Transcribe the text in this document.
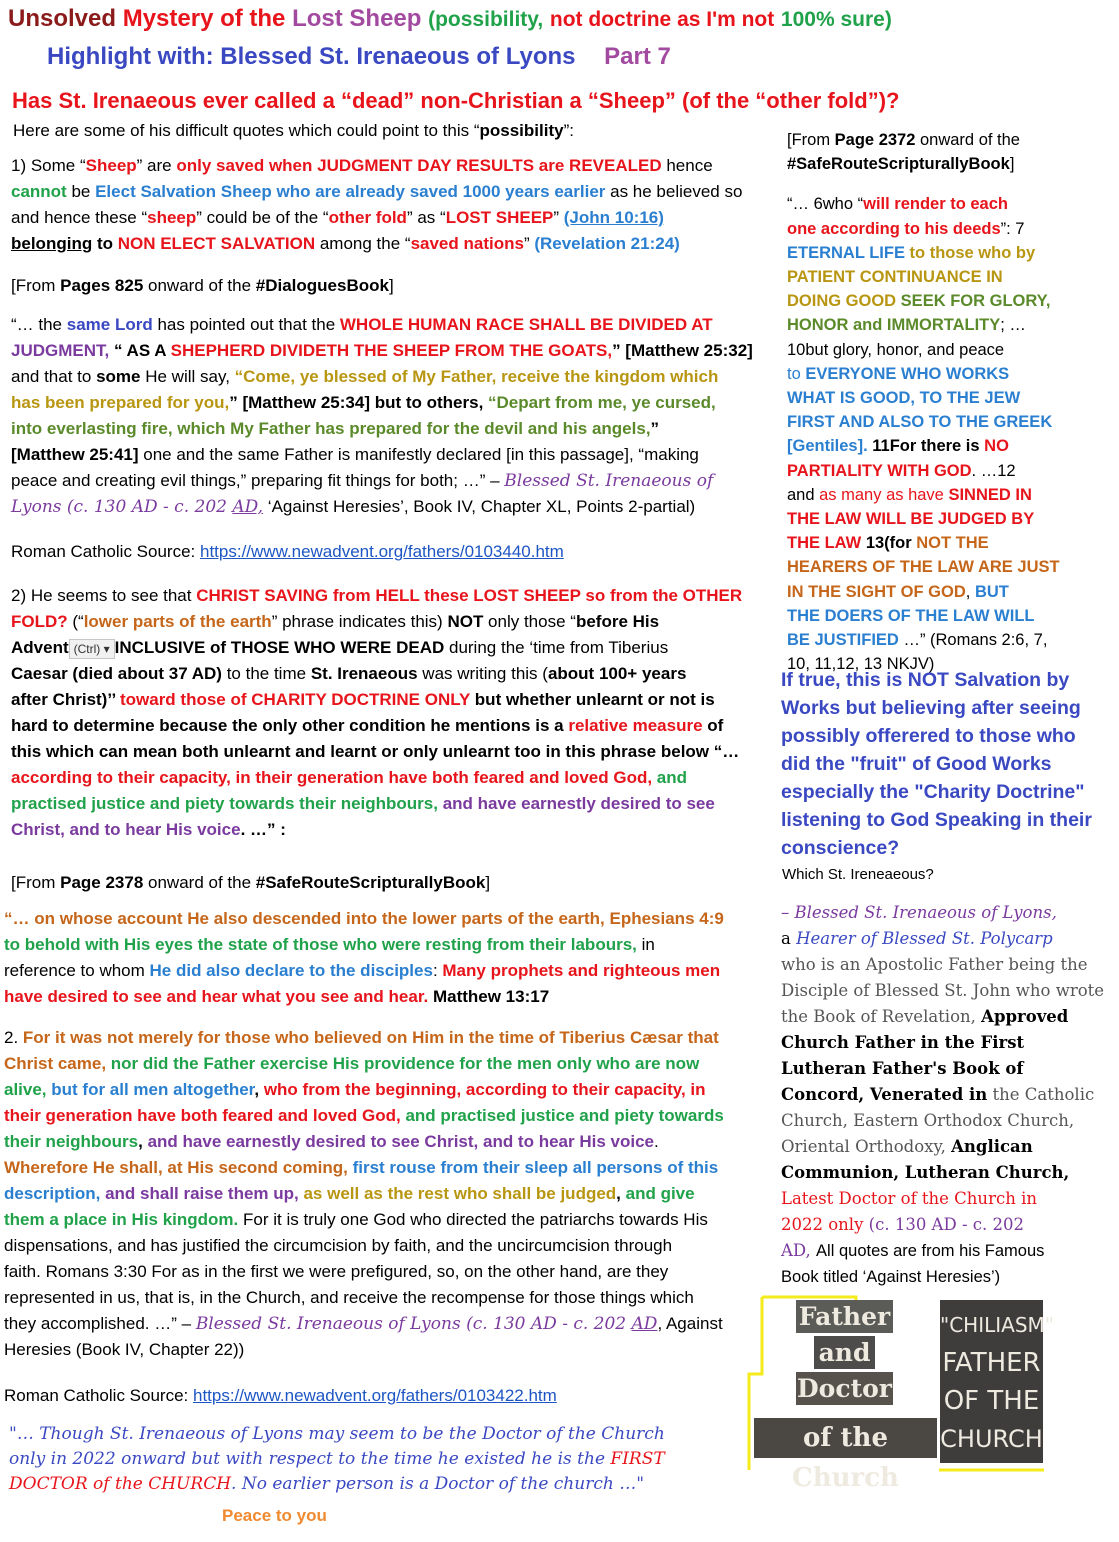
Unsolved Mystery of the Lost Sheep (possibility, not doctrine as I'm not 100% sure)
Highlight with: Blessed St. Irenaeous of Lyons Part 7
Has St. Irenaeous ever called a “dead” non-Christian a “Sheep” (of the “other fold”)?
Here are some of his difficult quotes which could point to this “possibility”:
1) Some “Sheep” are only saved when JUDGMENT DAY RESULTS are REVEALED hence
cannot be Elect Salvation Sheep who are already saved 1000 years earlier as he believed so
and hence these “sheep” could be of the “other fold” as “LOST SHEEP” (John 10:16)
belonging to NON ELECT SALVATION among the “saved nations” (Revelation 21:24)
[From Pages 825 onward of the #DialoguesBook]
“… the same Lord has pointed out that the WHOLE HUMAN RACE SHALL BE DIVIDED AT
JUDGMENT, “ AS A SHEPHERD DIVIDETH THE SHEEP FROM THE GOATS,” [Matthew 25:32]
and that to some He will say, “Come, ye blessed of My Father, receive the kingdom which
has been prepared for you,” [Matthew 25:34] but to others, “Depart from me, ye cursed,
into everlasting fire, which My Father has prepared for the devil and his angels,”
[Matthew 25:41] one and the same Father is manifestly declared [in this passage], “making
peace and creating evil things,” preparing fit things for both; …” – Blessed St. Irenaeous of
Lyons (c. 130 AD - c. 202 AD, ‘Against Heresies’, Book IV, Chapter XL, Points 2-partial)
Roman Catholic Source: https://www.newadvent.org/fathers/0103440.htm
2) He seems to see that CHRIST SAVING from HELL these LOST SHEEP so from the OTHER
FOLD? (“lower parts of the earth” phrase indicates this) NOT only those “before His
Advent (Ctrl) ▾ INCLUSIVE of THOSE WHO WERE DEAD during the ‘time from Tiberius
Caesar (died about 37 AD) to the time St. Irenaeous was writing this (about 100+ years
after Christ)’’ toward those of CHARITY DOCTRINE ONLY but whether unlearnt or not is
hard to determine because the only other condition he mentions is a relative measure of
this which can mean both unlearnt and learnt or only unlearnt too in this phrase below “…
according to their capacity, in their generation have both feared and loved God, and
practised justice and piety towards their neighbours, and have earnestly desired to see
Christ, and to hear His voice. …” :
[From Page 2378 onward of the #SafeRouteScripturallyBook]
“… on whose account He also descended into the lower parts of the earth, Ephesians 4:9
to behold with His eyes the state of those who were resting from their labours, in
reference to whom He did also declare to the disciples: Many prophets and righteous men
have desired to see and hear what you see and hear. Matthew 13:17
2. For it was not merely for those who believed on Him in the time of Tiberius Cæsar that
Christ came, nor did the Father exercise His providence for the men only who are now
alive, but for all men altogether, who from the beginning, according to their capacity, in
their generation have both feared and loved God, and practised justice and piety towards
their neighbours, and have earnestly desired to see Christ, and to hear His voice.
Wherefore He shall, at His second coming, first rouse from their sleep all persons of this
description, and shall raise them up, as well as the rest who shall be judged, and give
them a place in His kingdom. For it is truly one God who directed the patriarchs towards His
dispensations, and has justified the circumcision by faith, and the uncircumcision through
faith. Romans 3:30 For as in the first we were prefigured, so, on the other hand, are they
represented in us, that is, in the Church, and receive the recompense for those things which
they accomplished. …” – Blessed St. Irenaeous of Lyons (c. 130 AD - c. 202 AD, Against
Heresies (Book IV, Chapter 22))
Roman Catholic Source: https://www.newadvent.org/fathers/0103422.htm
"… Though St. Irenaeous of Lyons may seem to be the Doctor of the Church
only in 2022 onward but with respect to the time he existed he is the FIRST
DOCTOR of the CHURCH. No earlier person is a Doctor of the church …"
Peace to you
[From Page 2372 onward of the
#SafeRouteScripturallyBook]
“… 6who “will render to each
one according to his deeds”: 7
ETERNAL LIFE to those who by
PATIENT CONTINUANCE IN
DOING GOOD SEEK FOR GLORY,
HONOR and IMMORTALITY; …
10but glory, honor, and peace
to EVERYONE WHO WORKS
WHAT IS GOOD, TO THE JEW
FIRST AND ALSO TO THE GREEK
[Gentiles]. 11For there is NO
PARTIALITY WITH GOD. …12
and as many as have SINNED IN
THE LAW WILL BE JUDGED BY
THE LAW 13(for NOT THE
HEARERS OF THE LAW ARE JUST
IN THE SIGHT OF GOD, BUT
THE DOERS OF THE LAW WILL
BE JUSTIFIED …” (Romans 2:6, 7,
10, 11,12, 13 NKJV)
If true, this is NOT Salvation by Works but believing after seeing possibly offerered to those who did the "fruit" of Good Works especially the "Charity Doctrine" listening to God Speaking in their conscience?
Which St. Ireneaeous?
– Blessed St. Irenaeous of Lyons,
a Hearer of Blessed St. Polycarp
who is an Apostolic Father being the
Disciple of Blessed St. John who wrote
the Book of Revelation, Approved
Church Father in the First
Lutheran Father's Book of
Concord, Venerated in the Catholic
Church, Eastern Orthodox Church,
Oriental Orthodoxy, Anglican
Communion, Lutheran Church,
Latest Doctor of the Church in
2022 only (c. 130 AD - c. 202
AD, All quotes are from his Famous
Book titled ‘Against Heresies’)
Father
and
Doctor
of the Church
"CHILIASM"
FATHER
OF THE
CHURCH
